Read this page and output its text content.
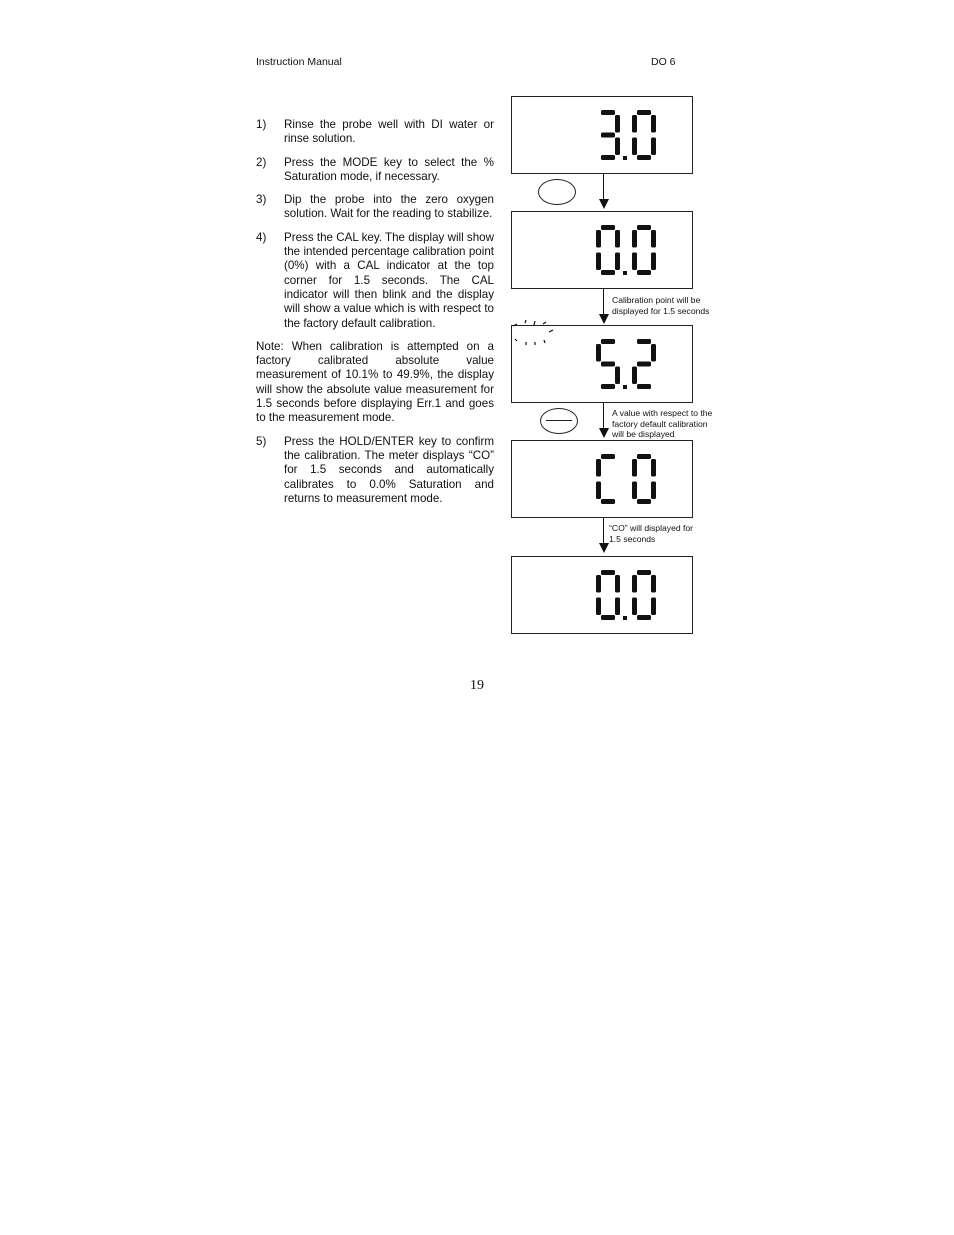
Instruction Manual	DO 6
1)	Rinse the probe well with DI water or rinse solution.
2)	Press the MODE key to select the % Saturation mode, if necessary.
3)	Dip the probe into the zero oxygen solution. Wait for the reading to stabilize.
4)	Press the CAL key. The display will show the intended percentage calibration point (0%) with a CAL indicator at the top corner for 1.5 seconds. The CAL indicator will then blink and the display will show a value which is with respect to the factory default calibration.
Note: When calibration is attempted on a factory calibrated absolute value measurement of 10.1% to 49.9%, the display will show the absolute value measurement for 1.5 seconds before displaying Err.1 and goes to the measurement mode.
5)	Press the HOLD/ENTER key to confirm the calibration. The meter displays “CO” for 1.5 seconds and automatically calibrates to 0.0% Saturation and returns to measurement mode.
Calibration point will be
displayed for 1.5 seconds
A value with respect to the
factory default calibration
will be displayed
“CO” will displayed for
1.5 seconds
19
